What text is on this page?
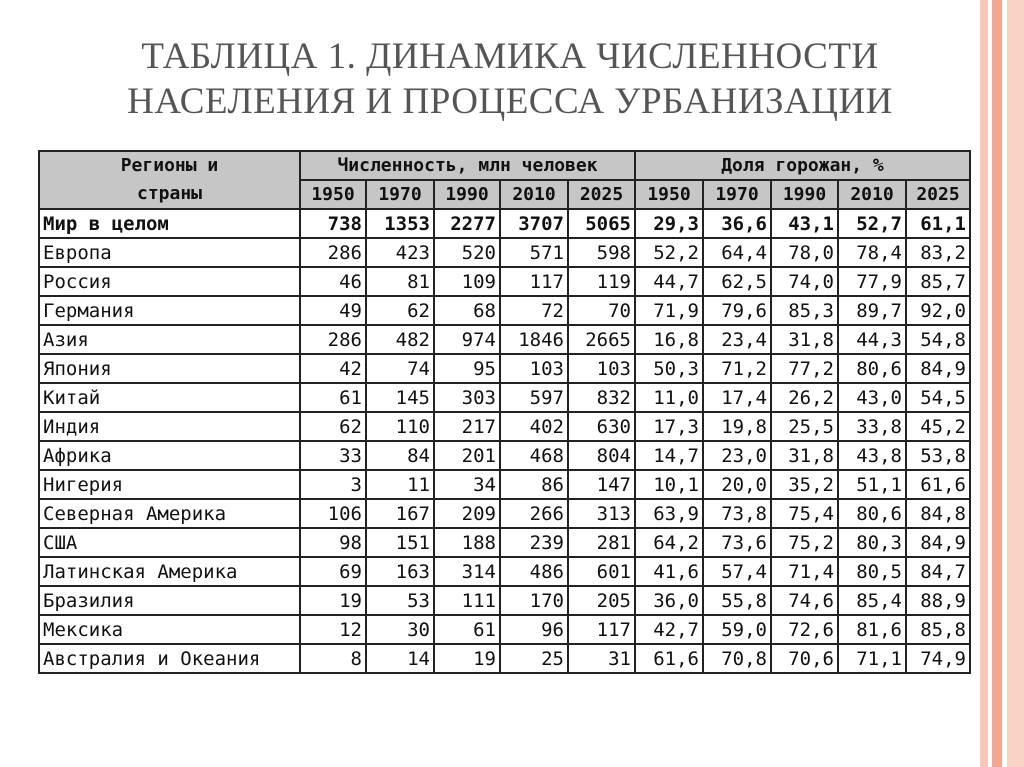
ТАБЛИЦА 1. ДИНАМИКА ЧИСЛЕННОСТИ
НАСЕЛЕНИЯ И ПРОЦЕССА УРБАНИЗАЦИИ
Регионы и
страны	Численность, млн человек					Доля горожан, %				
	1950	1970	1990	2010	2025	1950	1970	1990	2010	2025
Мир в целом	738	1353	2277	3707	5065	29,3	36,6	43,1	52,7	61,1
Европа	286	423	520	571	598	52,2	64,4	78,0	78,4	83,2
Россия	46	81	109	117	119	44,7	62,5	74,0	77,9	85,7
Германия	49	62	68	72	70	71,9	79,6	85,3	89,7	92,0
Азия	286	482	974	1846	2665	16,8	23,4	31,8	44,3	54,8
Япония	42	74	95	103	103	50,3	71,2	77,2	80,6	84,9
Китай	61	145	303	597	832	11,0	17,4	26,2	43,0	54,5
Индия	62	110	217	402	630	17,3	19,8	25,5	33,8	45,2
Африка	33	84	201	468	804	14,7	23,0	31,8	43,8	53,8
Нигерия	3	11	34	86	147	10,1	20,0	35,2	51,1	61,6
Северная Америка	106	167	209	266	313	63,9	73,8	75,4	80,6	84,8
США	98	151	188	239	281	64,2	73,6	75,2	80,3	84,9
Латинская Америка	69	163	314	486	601	41,6	57,4	71,4	80,5	84,7
Бразилия	19	53	111	170	205	36,0	55,8	74,6	85,4	88,9
Мексика	12	30	61	96	117	42,7	59,0	72,6	81,6	85,8
Австралия и Океания	8	14	19	25	31	61,6	70,8	70,6	71,1	74,9
